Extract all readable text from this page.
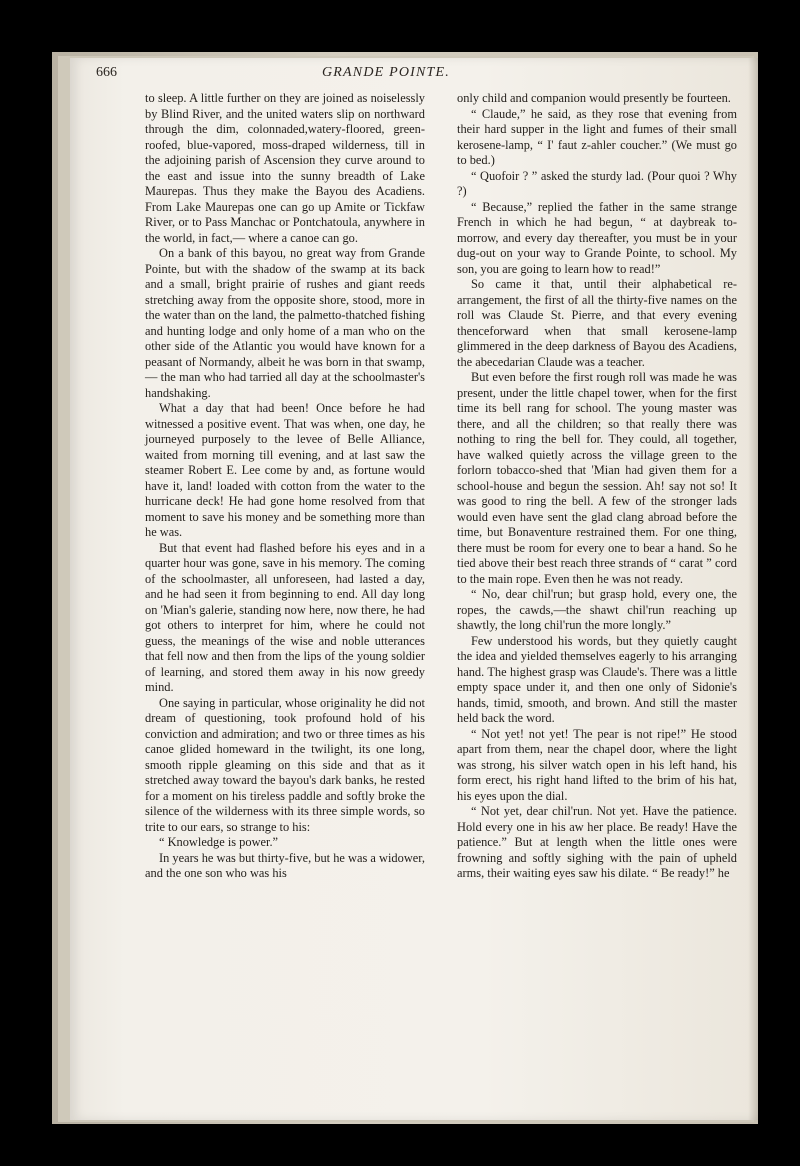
666	GRANDE POINTE.

to sleep. A little further on they are joined as noiselessly by Blind River, and the united waters slip on northward through the dim, colonnaded,watery-floored, green-roofed, blue-vapored, moss-draped wilderness, till in the adjoining parish of Ascension they curve around to the east and issue into the sunny breadth of Lake Maurepas. Thus they make the Bayou des Acadiens. From Lake Maurepas one can go up Amite or Tickfaw River, or to Pass Manchac or Pontchatoula, anywhere in the world, in fact,— where a canoe can go.

On a bank of this bayou, no great way from Grande Pointe, but with the shadow of the swamp at its back and a small, bright prairie of rushes and giant reeds stretching away from the opposite shore, stood, more in the water than on the land, the palmetto-thatched fishing and hunting lodge and only home of a man who on the other side of the Atlantic you would have known for a peasant of Normandy, albeit he was born in that swamp,— the man who had tarried all day at the schoolmaster's handshaking.

What a day that had been! Once before he had witnessed a positive event. That was when, one day, he journeyed purposely to the levee of Belle Alliance, waited from morning till evening, and at last saw the steamer Robert E. Lee come by and, as fortune would have it, land! loaded with cotton from the water to the hurricane deck! He had gone home resolved from that moment to save his money and be something more than he was.

But that event had flashed before his eyes and in a quarter hour was gone, save in his memory. The coming of the schoolmaster, all unforeseen, had lasted a day, and he had seen it from beginning to end. All day long on 'Mian's galerie, standing now here, now there, he had got others to interpret for him, where he could not guess, the meanings of the wise and noble utterances that fell now and then from the lips of the young soldier of learning, and stored them away in his now greedy mind.

One saying in particular, whose originality he did not dream of questioning, took profound hold of his conviction and admiration; and two or three times as his canoe glided homeward in the twilight, its one long, smooth ripple gleaming on this side and that as it stretched away toward the bayou's dark banks, he rested for a moment on his tireless paddle and softly broke the silence of the wilderness with its three simple words, so trite to our ears, so strange to his:

“ Knowledge is power.”

In years he was but thirty-five, but he was a widower, and the one son who was his

only child and companion would presently be fourteen.

“ Claude,” he said, as they rose that evening from their hard supper in the light and fumes of their small kerosene-lamp, “ I' faut z-ahler coucher.” (We must go to bed.)

“ Quofoir ? ” asked the sturdy lad. (Pour quoi ? Why ?)

“ Because,” replied the father in the same strange French in which he had begun, “ at daybreak to-morrow, and every day thereafter, you must be in your dug-out on your way to Grande Pointe, to school. My son, you are going to learn how to read!”

So came it that, until their alphabetical re-arrangement, the first of all the thirty-five names on the roll was Claude St. Pierre, and that every evening thenceforward when that small kerosene-lamp glimmered in the deep darkness of Bayou des Acadiens, the abecedarian Claude was a teacher.

But even before the first rough roll was made he was present, under the little chapel tower, when for the first time its bell rang for school. The young master was there, and all the children; so that really there was nothing to ring the bell for. They could, all together, have walked quietly across the village green to the forlorn tobacco-shed that 'Mian had given them for a school-house and begun the session. Ah! say not so! It was good to ring the bell. A few of the stronger lads would even have sent the glad clang abroad before the time, but Bonaventure restrained them. For one thing, there must be room for every one to bear a hand. So he tied above their best reach three strands of “ carat ” cord to the main rope. Even then he was not ready.

“ No, dear chil'run; but grasp hold, every one, the ropes, the cawds,—the shawt chil'run reaching up shawtly, the long chil'run the more longly.”

Few understood his words, but they quietly caught the idea and yielded themselves eagerly to his arranging hand. The highest grasp was Claude's. There was a little empty space under it, and then one only of Sidonie's hands, timid, smooth, and brown. And still the master held back the word.

“ Not yet! not yet! The pear is not ripe!” He stood apart from them, near the chapel door, where the light was strong, his silver watch open in his left hand, his form erect, his right hand lifted to the brim of his hat, his eyes upon the dial.

“ Not yet, dear chil'run. Not yet. Have the patience. Hold every one in his aw her place. Be ready! Have the patience.” But at length when the little ones were frowning and softly sighing with the pain of upheld arms, their waiting eyes saw his dilate. “ Be ready!” he
